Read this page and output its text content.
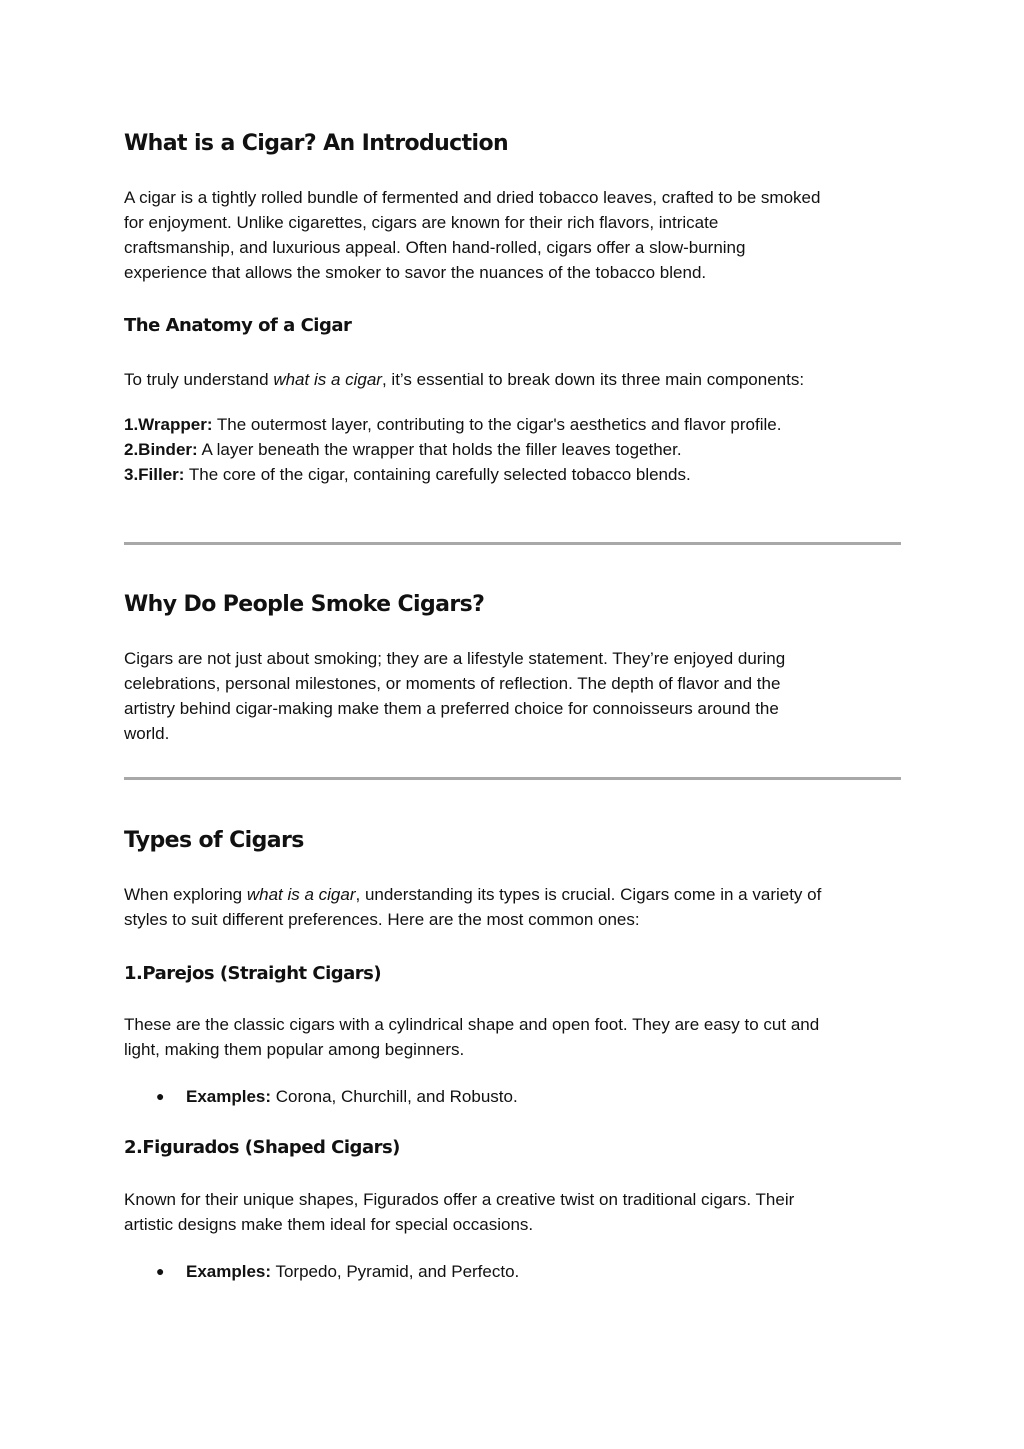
What is a Cigar? An Introduction
A cigar is a tightly rolled bundle of fermented and dried tobacco leaves, crafted to be smoked
for enjoyment. Unlike cigarettes, cigars are known for their rich flavors, intricate
craftsmanship, and luxurious appeal. Often hand-rolled, cigars offer a slow-burning
experience that allows the smoker to savor the nuances of the tobacco blend.
The Anatomy of a Cigar
To truly understand what is a cigar, it’s essential to break down its three main components:
1.Wrapper: The outermost layer, contributing to the cigar's aesthetics and flavor profile.
2.Binder: A layer beneath the wrapper that holds the filler leaves together.
3.Filler: The core of the cigar, containing carefully selected tobacco blends.
Why Do People Smoke Cigars?
Cigars are not just about smoking; they are a lifestyle statement. They’re enjoyed during
celebrations, personal milestones, or moments of reflection. The depth of flavor and the
artistry behind cigar-making make them a preferred choice for connoisseurs around the
world.
Types of Cigars
When exploring what is a cigar, understanding its types is crucial. Cigars come in a variety of
styles to suit different preferences. Here are the most common ones:
1.Parejos (Straight Cigars)
These are the classic cigars with a cylindrical shape and open foot. They are easy to cut and
light, making them popular among beginners.
● Examples: Corona, Churchill, and Robusto.
2.Figurados (Shaped Cigars)
Known for their unique shapes, Figurados offer a creative twist on traditional cigars. Their
artistic designs make them ideal for special occasions.
● Examples: Torpedo, Pyramid, and Perfecto.
